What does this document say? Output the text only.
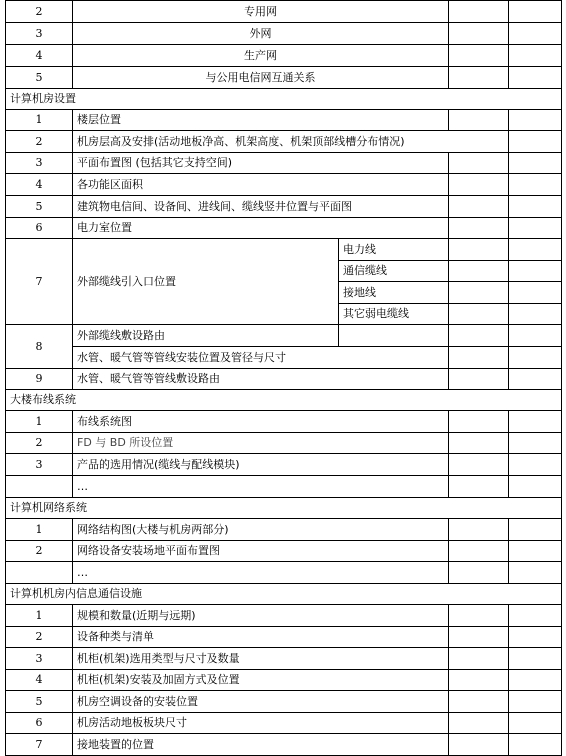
2	专用网			
3	外网			
4	生产网			
5	与公用电信网互通关系			
计算机房设置				
1	楼层位置			
2	机房层高及安排(活动地板净高、机架高度、机架顶部线槽分布情况)			
3	平面布置图 (包括其它支持空间)			
4	各功能区面积			
5	建筑物电信间、设备间、进线间、缆线竖井位置与平面图			
6	电力室位置			
7	外部缆线引入口位置	电力线		
		通信缆线		
		接地线		
		其它弱电缆线		
8	外部缆线敷设路由			
	水管、暖气管等管线安装位置及管径与尺寸			
9	水管、暖气管等管线敷设路由			
大楼布线系统				
1	布线系统图			
2	FD 与 BD 所设位置			
3	产品的选用情况(缆线与配线模块)			
	…			
计算机网络系统				
1	网络结构图(大楼与机房两部分)			
2	网络设备安装场地平面布置图			
	…			
计算机机房内信息通信设施				
1	规模和数量(近期与远期)			
2	设备种类与清单			
3	机柜(机架)选用类型与尺寸及数量			
4	机柜(机架)安装及加固方式及位置			
5	机房空调设备的安装位置			
6	机房活动地板板块尺寸			
7	接地装置的位置			
